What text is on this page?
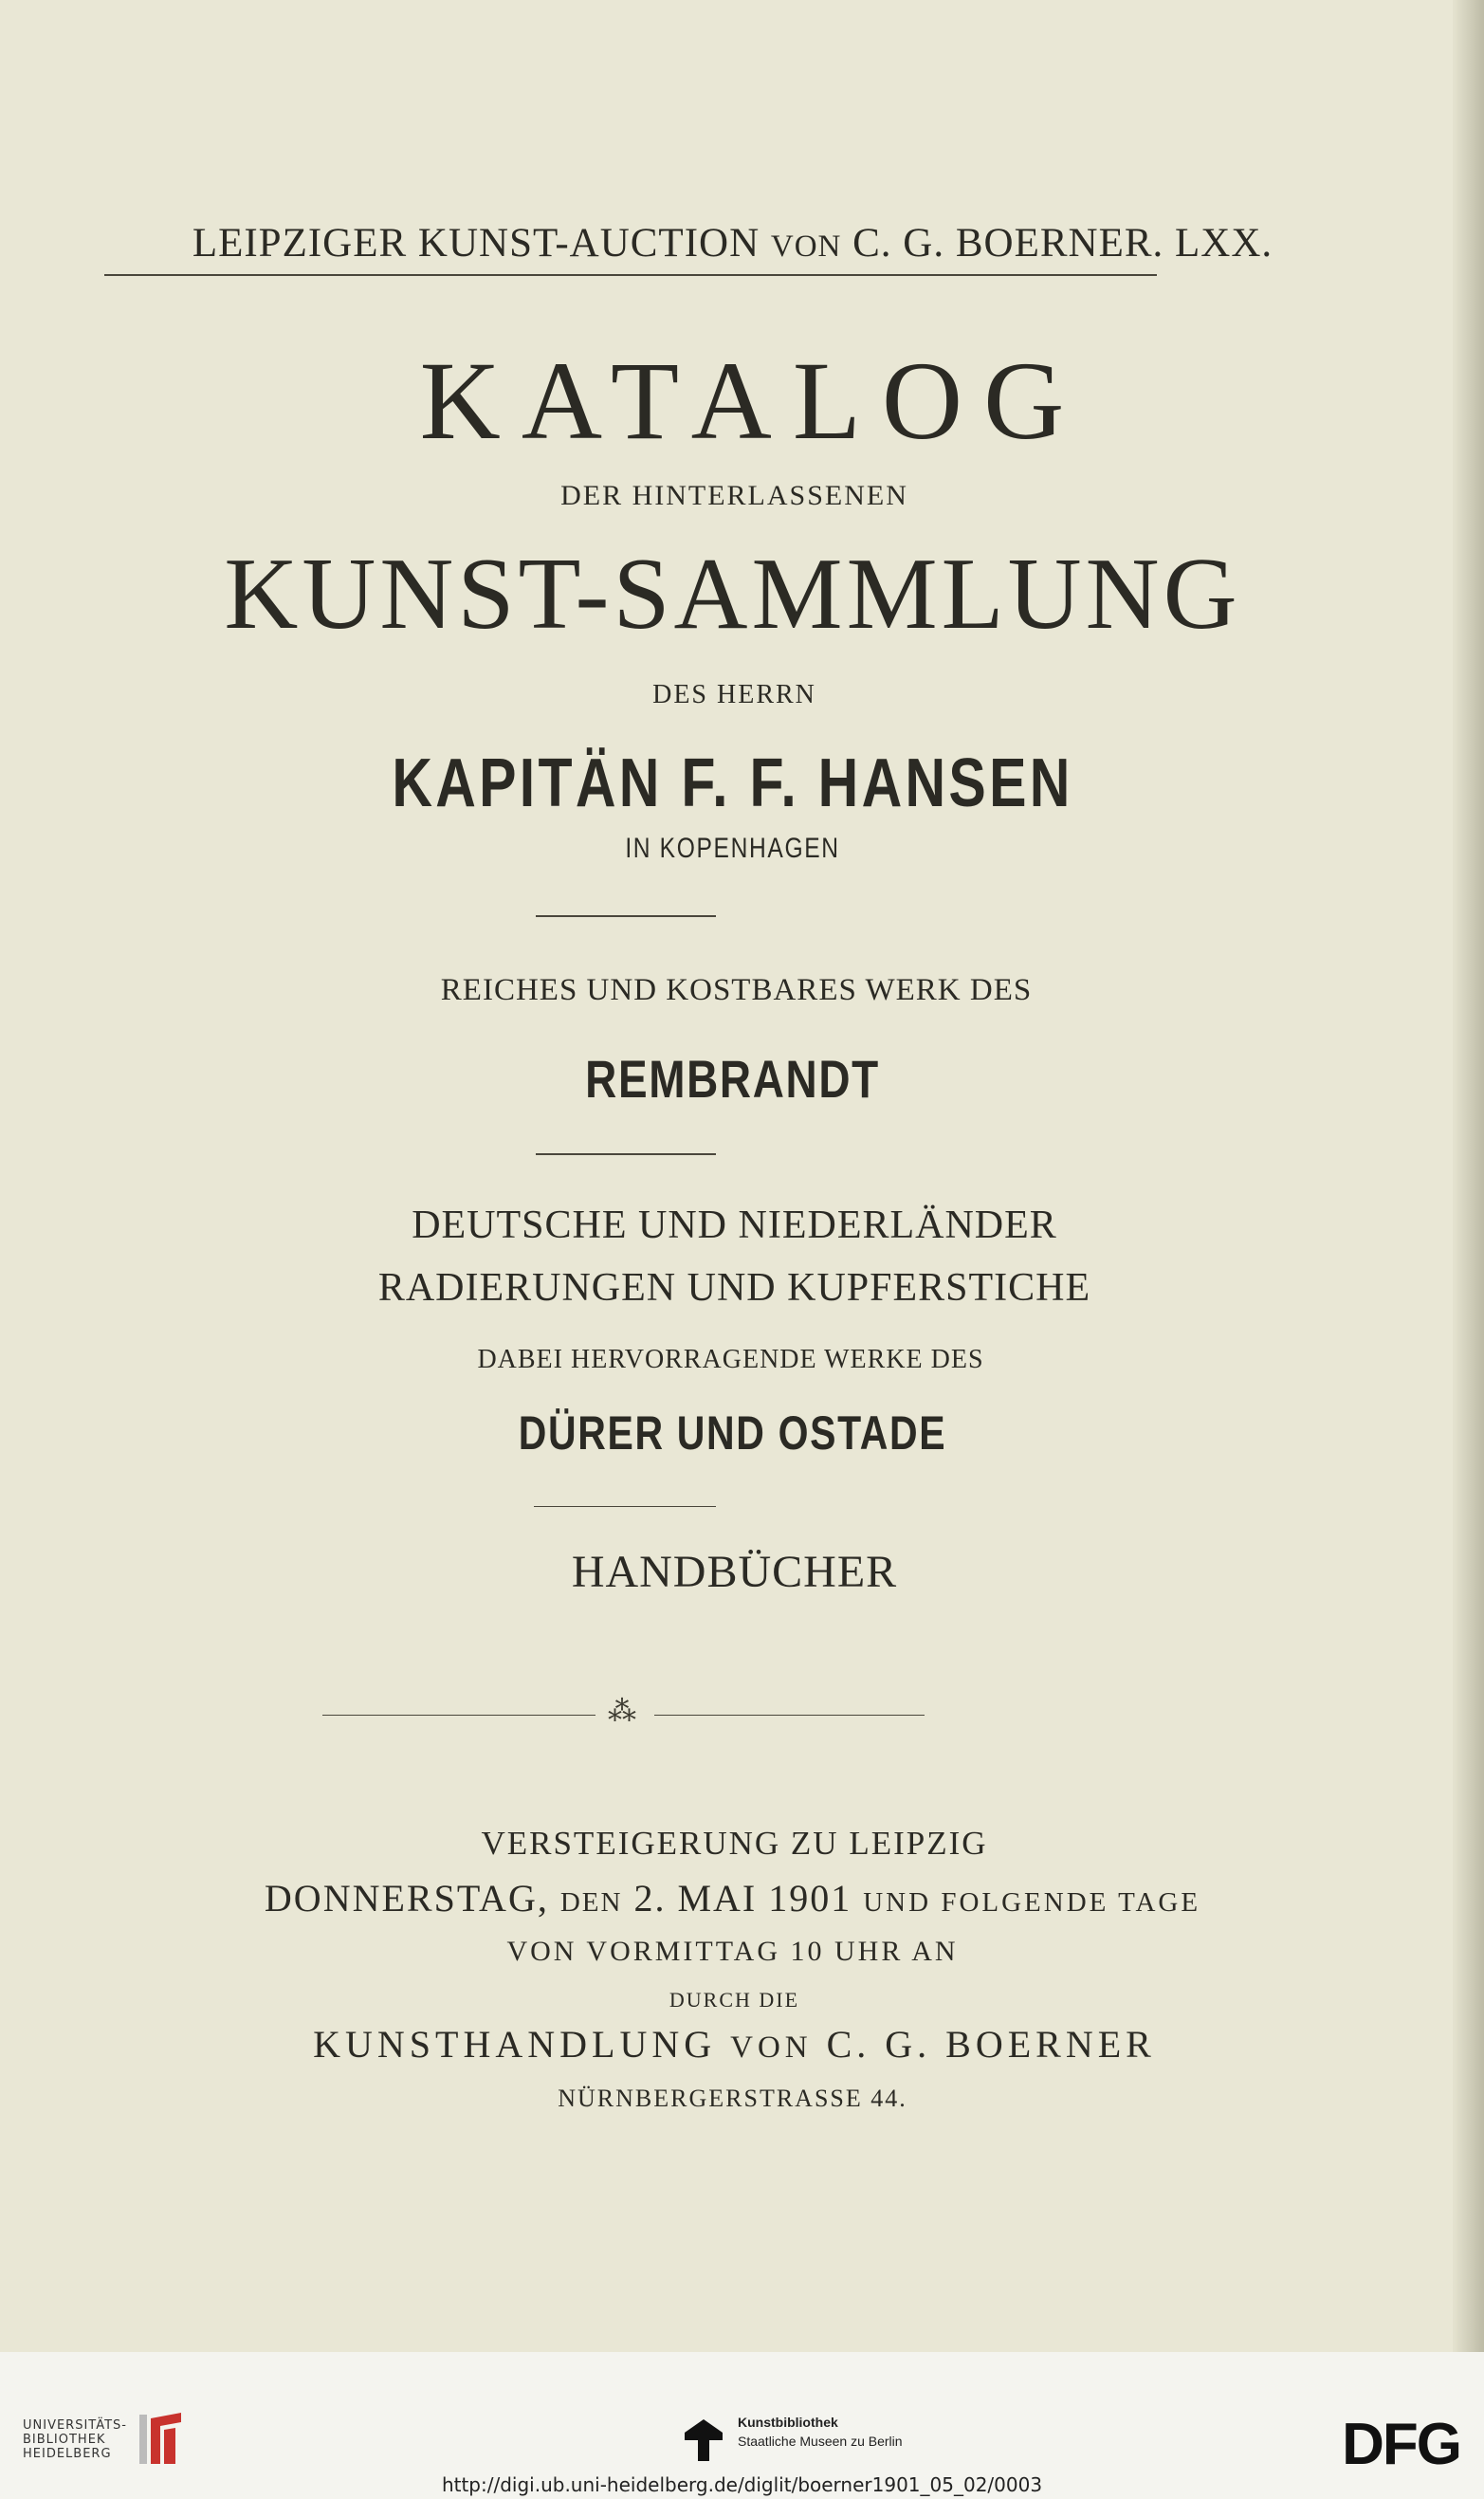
LEIPZIGER KUNST-AUCTION VON C. G. BOERNER. LXX.
KATALOG
DER HINTERLASSENEN
KUNST-SAMMLUNG
DES HERRN
KAPITÄN F. F. HANSEN
IN KOPENHAGEN
REICHES UND KOSTBARES WERK DES
REMBRANDT
DEUTSCHE UND NIEDERLÄNDER
RADIERUNGEN UND KUPFERSTICHE
DABEI HERVORRAGENDE WERKE DES
DÜRER UND OSTADE
HANDBÜCHER
⁂
VERSTEIGERUNG ZU LEIPZIG
DONNERSTAG, DEN 2. MAI 1901 UND FOLGENDE TAGE
VON VORMITTAG 10 UHR AN
DURCH DIE
KUNSTHANDLUNG VON C. G. BOERNER
NÜRNBERGERSTRASSE 44.
UNIVERSITÄTS-
BIBLIOTHEK
HEIDELBERG
Kunstbibliothek
Staatliche Museen zu Berlin	DFG
http://digi.ub.uni-heidelberg.de/diglit/boerner1901_05_02/0003
